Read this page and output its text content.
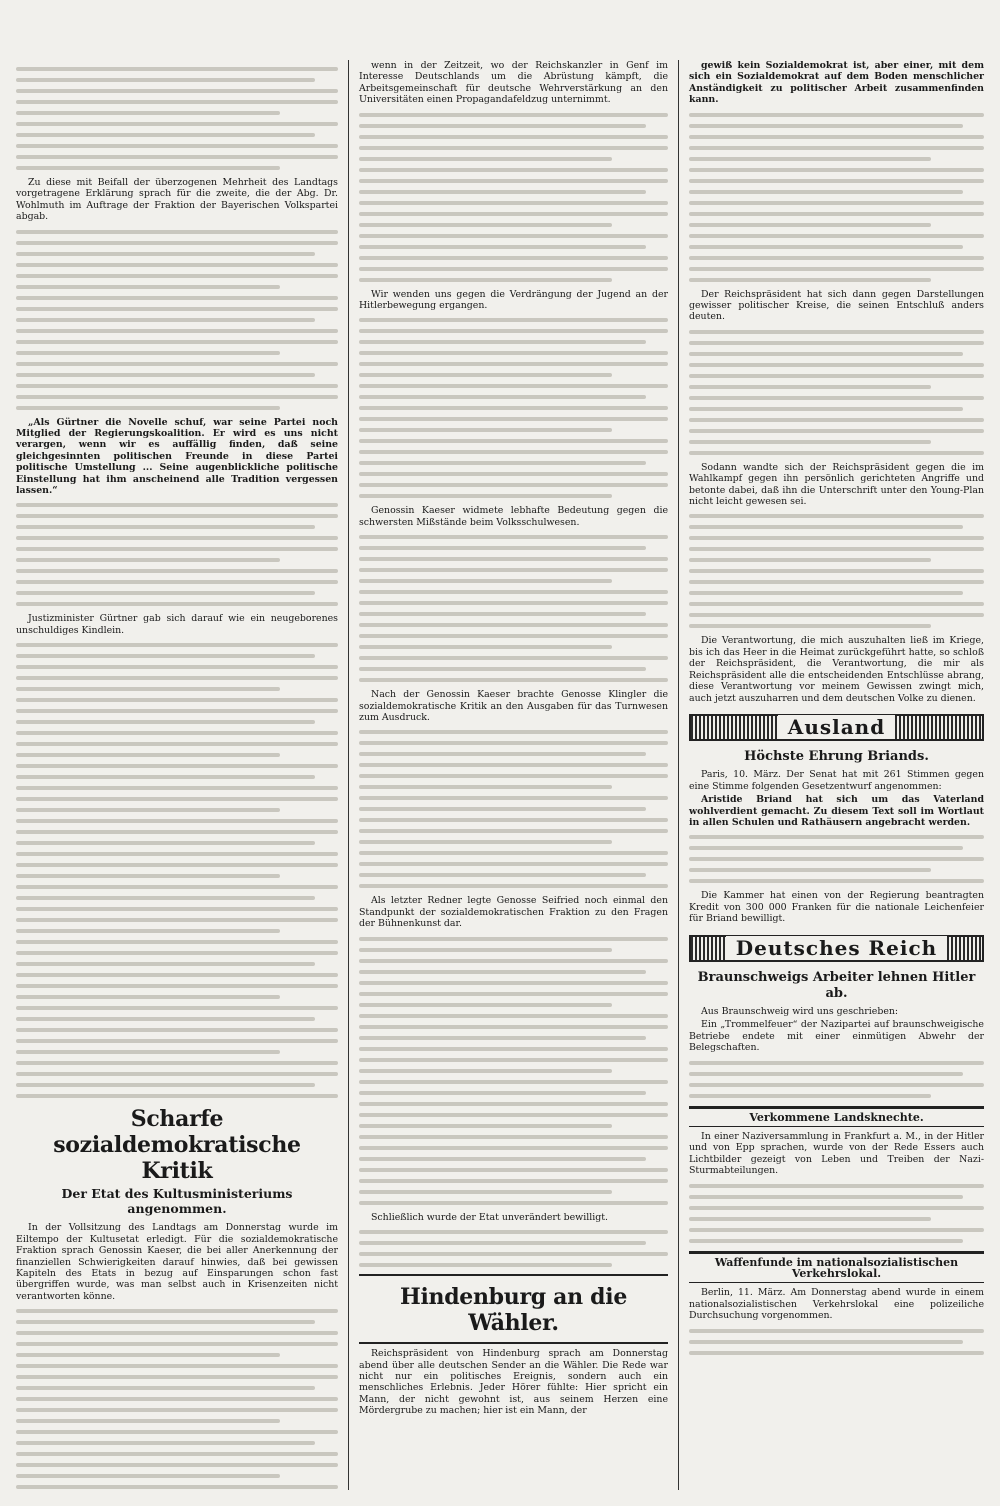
Zu diese mit Beifall der überzogenen Mehrheit des Landtags vorgetragene Erklärung sprach für die zweite, die der Abg. Dr. Wohlmuth im Auftrage der Fraktion der Bayerischen Volkspartei abgab.

„Als Gürtner die Novelle schuf, war seine Partei noch Mitglied der Regierungskoalition. Er wird es uns nicht verargen, wenn wir es auffällig finden, daß seine gleichgesinnten politischen Freunde in diese Partei politische Umstellung ... Seine augenblickliche politische Einstellung hat ihm anscheinend alle Tradition vergessen lassen.“

Justizminister Gürtner gab sich darauf wie ein neugeborenes unschuldiges Kindlein.

Scharfe sozialdemokratische Kritik
Der Etat des Kultusministeriums angenommen.

In der Vollsitzung des Landtags am Donnerstag wurde im Eiltempo der Kultusetat erledigt. Für die sozialdemokratische Fraktion sprach Genossin Kaeser, die bei aller Anerkennung der finanziellen Schwierigkeiten darauf hinwies, daß bei gewissen Kapiteln des Etats in bezug auf Einsparungen schon fast übergriffen wurde, was man selbst auch in Krisenzeiten nicht verantworten könne.

wenn in der Zeitzeit, wo der Reichskanzler in Genf im Interesse Deutschlands um die Abrüstung kämpft, die Arbeitsgemeinschaft für deutsche Wehrverstärkung an den Universitäten einen Propagandafeldzug unternimmt.

Wir wenden uns gegen die Verdrängung der Jugend an der Hitlerbewegung ergangen.

Genossin Kaeser widmete lebhafte Bedeutung gegen die schwersten Mißstände beim Volksschulwesen.

Nach der Genossin Kaeser brachte Genosse Klingler die sozialdemokratische Kritik an den Ausgaben für das Turnwesen zum Ausdruck.

Als letzter Redner legte Genosse Seifried noch einmal den Standpunkt der sozialdemokratischen Fraktion zu den Fragen der Bühnenkunst dar.

Schließlich wurde der Etat unverändert bewilligt.

Hindenburg an die Wähler.

Reichspräsident von Hindenburg sprach am Donnerstag abend über alle deutschen Sender an die Wähler. Die Rede war nicht nur ein politisches Ereignis, sondern auch ein menschliches Erlebnis. Jeder Hörer fühlte: Hier spricht ein Mann, der nicht gewohnt ist, aus seinem Herzen eine Mördergrube zu machen; hier ist ein Mann, der

gewiß kein Sozialdemokrat ist, aber einer, mit dem sich ein Sozialdemokrat auf dem Boden menschlicher Anständigkeit zu politischer Arbeit zusammenfinden kann.

Der Reichspräsident hat sich dann gegen Darstellungen gewisser politischer Kreise, die seinen Entschluß anders deuten.

Sodann wandte sich der Reichspräsident gegen die im Wahlkampf gegen ihn persönlich gerichteten Angriffe und betonte dabei, daß ihn die Unterschrift unter den Young-Plan nicht leicht gewesen sei.

Die Verantwortung, die mich auszuhalten ließ im Kriege, bis ich das Heer in die Heimat zurückgeführt hatte, so schloß der Reichspräsident, die Verantwortung, die mir als Reichspräsident alle die entscheidenden Entschlüsse abrang, diese Verantwortung vor meinem Gewissen zwingt mich, auch jetzt auszuharren und dem deutschen Volke zu dienen.

Ausland
Höchste Ehrung Briands.

Paris, 10. März. Der Senat hat mit 261 Stimmen gegen eine Stimme folgenden Gesetzentwurf angenommen:

Aristide Briand hat sich um das Vaterland wohlverdient gemacht. Zu diesem Text soll im Wortlaut in allen Schulen und Rathäusern angebracht werden.

Die Kammer hat einen von der Regierung beantragten Kredit von 300 000 Franken für die nationale Leichenfeier für Briand bewilligt.

Deutsches Reich
Braunschweigs Arbeiter lehnen Hitler ab.

Aus Braunschweig wird uns geschrieben:

Ein „Trommelfeuer“ der Nazipartei auf braunschweigische Betriebe endete mit einer einmütigen Abwehr der Belegschaften.

Verkommene Landsknechte.

In einer Naziversammlung in Frankfurt a. M., in der Hitler und von Epp sprachen, wurde von der Rede Essers auch Lichtbilder gezeigt von Leben und Treiben der Nazi-Sturmabteilungen.

Waffenfunde im nationalsozialistischen Verkehrslokal.

Berlin, 11. März. Am Donnerstag abend wurde in einem nationalsozialistischen Verkehrslokal eine polizeiliche Durchsuchung vorgenommen.
